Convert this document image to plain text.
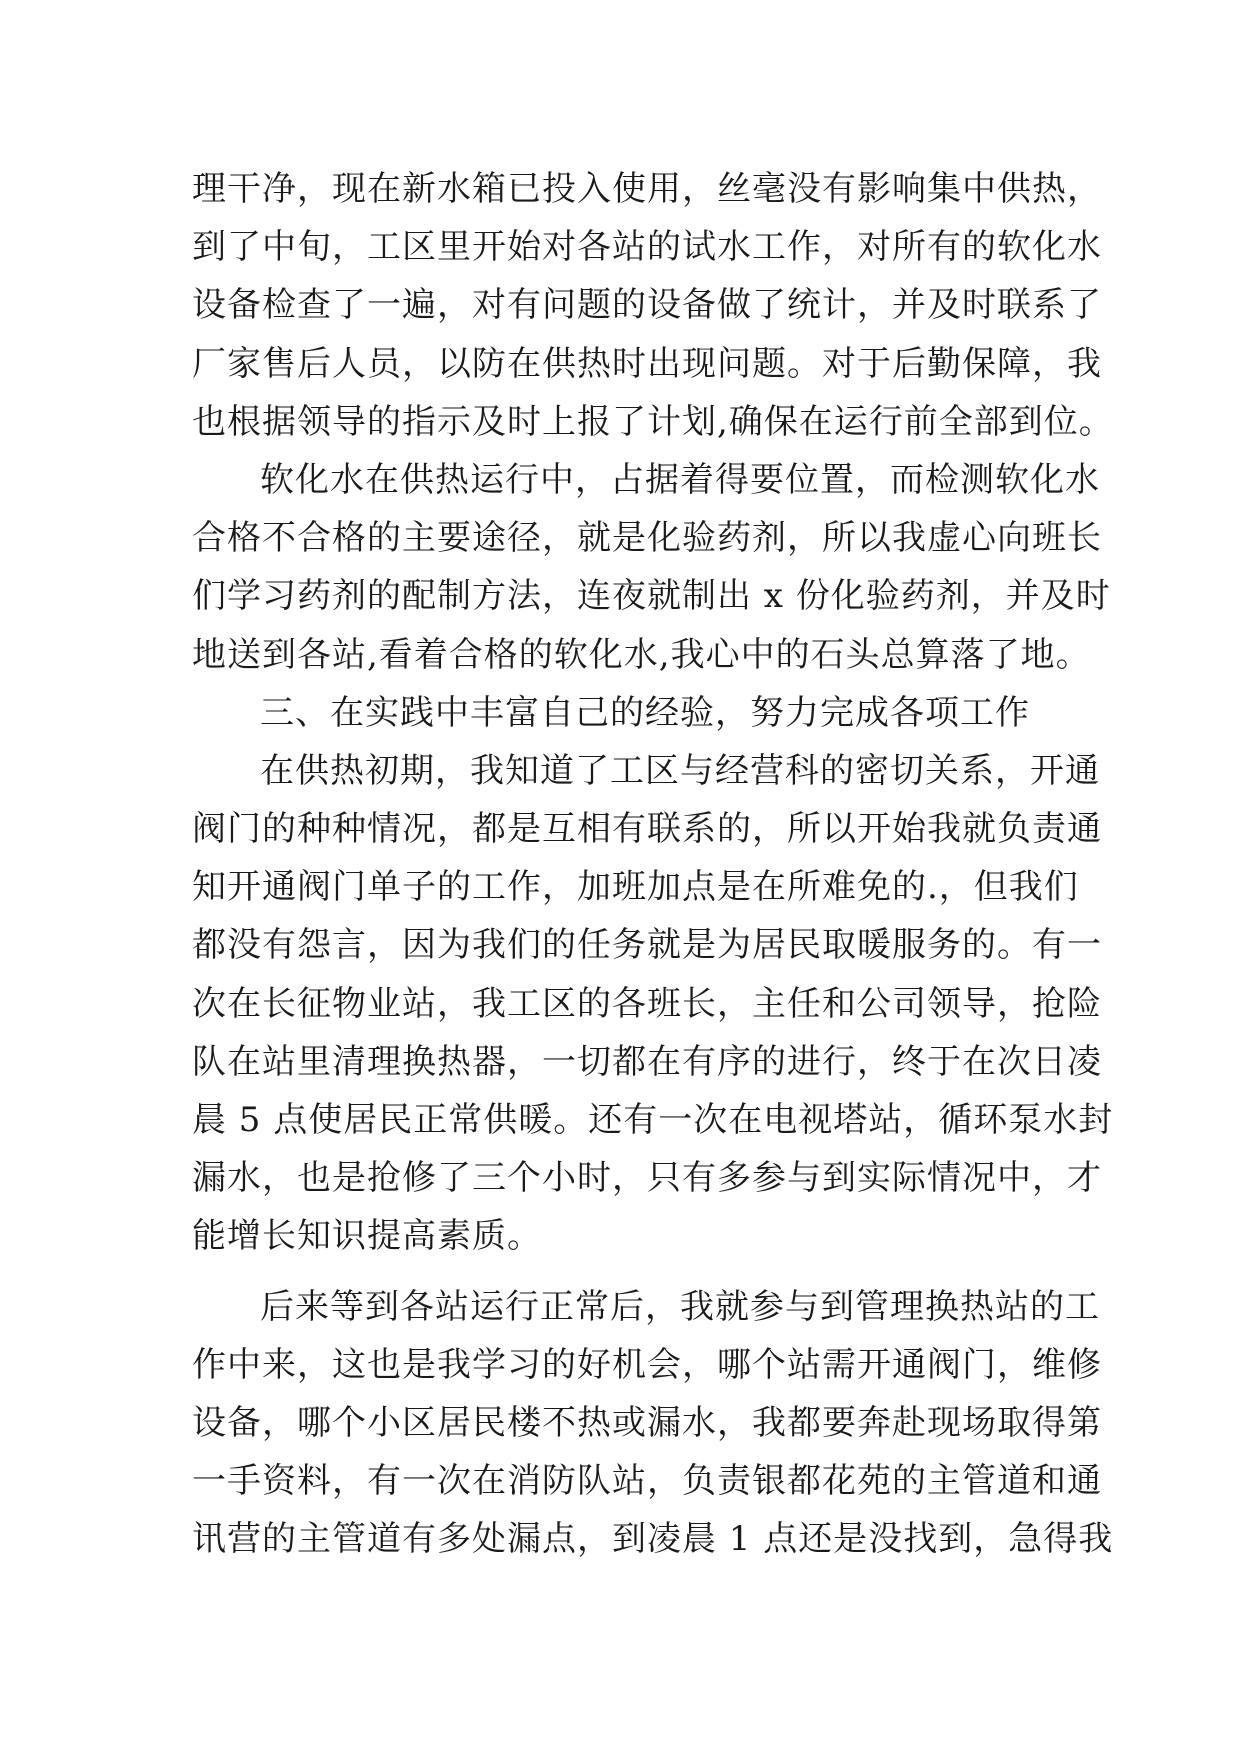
理干净，现在新水箱已投入使用，丝毫没有影响集中供热，
到了中旬，工区里开始对各站的试水工作，对所有的软化水
设备检查了一遍，对有问题的设备做了统计，并及时联系了
厂家售后人员，以防在供热时出现问题。对于后勤保障，我
也根据领导的指示及时上报了计划,确保在运行前全部到位。
软化水在供热运行中，占据着得要位置，而检测软化水
合格不合格的主要途径，就是化验药剂，所以我虚心向班长
们学习药剂的配制方法，连夜就制出 x 份化验药剂，并及时
地送到各站,看着合格的软化水,我心中的石头总算落了地。
三、在实践中丰富自己的经验，努力完成各项工作
在供热初期，我知道了工区与经营科的密切关系，开通
阀门的种种情况，都是互相有联系的，所以开始我就负责通
知开通阀门单子的工作，加班加点是在所难免的.，但我们
都没有怨言，因为我们的任务就是为居民取暖服务的。有一
次在长征物业站，我工区的各班长，主任和公司领导，抢险
队在站里清理换热器，一切都在有序的进行，终于在次日凌
晨 5 点使居民正常供暖。还有一次在电视塔站，循环泵水封
漏水，也是抢修了三个小时，只有多参与到实际情况中，才
能增长知识提高素质。
后来等到各站运行正常后，我就参与到管理换热站的工
作中来，这也是我学习的好机会，哪个站需开通阀门，维修
设备，哪个小区居民楼不热或漏水，我都要奔赴现场取得第
一手资料，有一次在消防队站，负责银都花苑的主管道和通
讯营的主管道有多处漏点，到凌晨 1 点还是没找到，急得我
